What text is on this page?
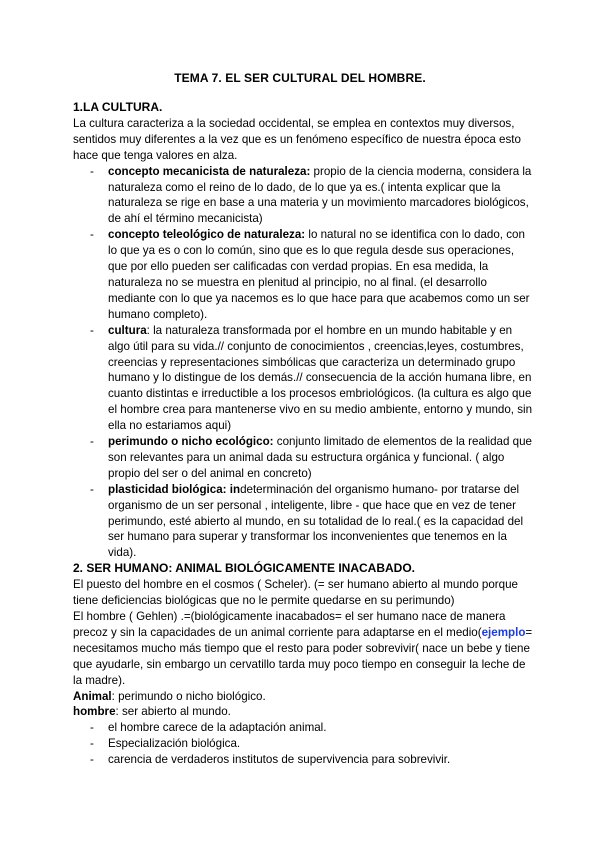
TEMA 7. EL SER CULTURAL DEL HOMBRE.

1.LA CULTURA.

La cultura caracteriza a la sociedad occidental, se emplea en contextos muy diversos, sentidos muy diferentes a la vez que es un fenómeno específico de nuestra época esto hace que tenga valores en alza.

- concepto mecanicista de naturaleza: propio de la ciencia moderna, considera la naturaleza como el reino de lo dado, de lo que ya es.( intenta explicar que la naturaleza se rige en base a una materia y un movimiento marcadores biológicos, de ahí el término mecanicista)
- concepto teleológico de naturaleza: lo natural no se identifica con lo dado, con lo que ya es o con lo común, sino que es lo que regula desde sus operaciones, que por ello pueden ser calificadas con verdad propias. En esa medida, la naturaleza no se muestra en plenitud al principio, no al final. (el desarrollo mediante con lo que ya nacemos es lo que hace para que acabemos como un ser humano completo).
- cultura: la naturaleza transformada por el hombre en un mundo habitable y en algo útil para su vida.// conjunto de conocimientos , creencias,leyes, costumbres, creencias y representaciones simbólicas que caracteriza un determinado grupo humano y lo distingue de los demás.// consecuencia de la acción humana libre, en cuanto distintas e irreductible a los procesos embriológicos. (la cultura es algo que el hombre crea para mantenerse vivo en su medio ambiente, entorno y mundo, sin ella no estariamos aqui)
- perimundo o nicho ecológico: conjunto limitado de elementos de la realidad que son relevantes para un animal dada su estructura orgánica y funcional. ( algo propio del ser o del animal en concreto)
- plasticidad biológica: indeterminación del organismo humano- por tratarse del organismo de un ser personal , inteligente, libre - que hace que en vez de tener perimundo, esté abierto al mundo, en su totalidad de lo real.( es la capacidad del ser humano para superar y transformar los inconvenientes que tenemos en la vida).

2. SER HUMANO: ANIMAL BIOLÓGICAMENTE INACABADO.

El puesto del hombre en el cosmos ( Scheler). (= ser humano abierto al mundo porque tiene deficiencias biológicas que no le permite quedarse en su perimundo)

El hombre ( Gehlen) .=(biológicamente inacabados= el ser humano nace de manera precoz y sin la capacidades de un animal corriente para adaptarse en el medio(ejemplo= necesitamos mucho más tiempo que el resto para poder sobrevivir( nace un bebe y tiene que ayudarle, sin embargo un cervatillo tarda muy poco tiempo en conseguir la leche de la madre).

Animal: perimundo o nicho biológico.

hombre: ser abierto al mundo.

- el hombre carece de la adaptación animal.
- Especialización biológica.
- carencia de verdaderos institutos de supervivencia para sobrevivir.
